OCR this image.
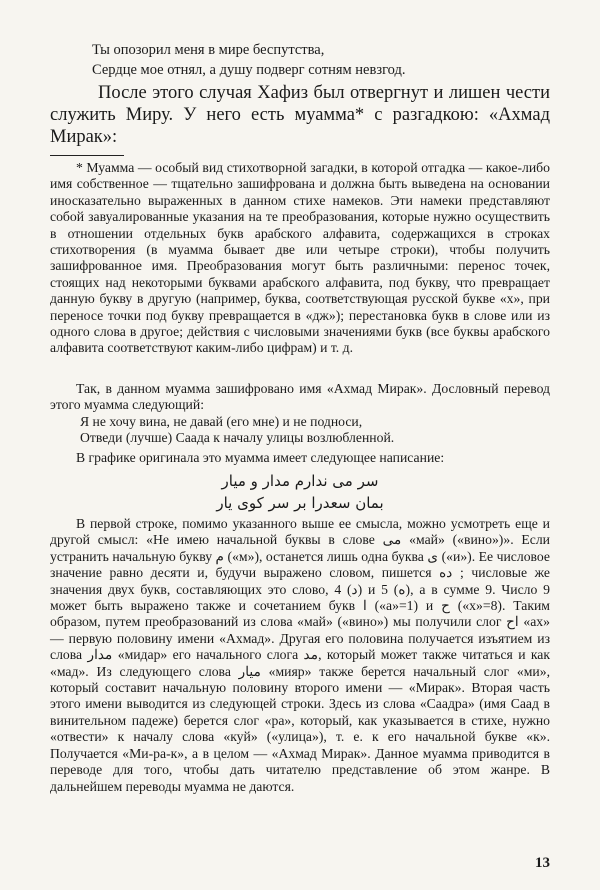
Ты опозорил меня в мире беспутства,
Сердце мое отнял, а душу подверг сотням невзгод.

После этого случая Хафиз был отвергнут и лишен чести служить Миру. У него есть муамма* с разгадкою: «Ахмад Мирак»:

* Муамма — особый вид стихотворной загадки, в которой отгадка — какое-либо имя собственное — тщательно зашифрована и должна быть выведена на основании иносказательно выраженных в данном стихе намеков. Эти намеки представляют собой завуалированные указания на те преобразования, которые нужно осуществить в отношении отдельных букв арабского алфавита, содержащихся в строках стихотворения (в муамма бывает две или четыре строки), чтобы получить зашифрованное имя. Преобразования могут быть различными: перенос точек, стоящих над некоторыми буквами арабского алфавита, под букву, что превращает данную букву в другую (например, буква, соответствующая русской букве «х», при переносе точки под букву превращается в «дж»); перестановка букв в слове или из одного слова в другое; действия с числовыми значениями букв (все буквы арабского алфавита соответствуют каким-либо цифрам) и т. д.

Так, в данном муамма зашифровано имя «Ахмад Мирак». Дословный перевод этого муамма следующий:

Я не хочу вина, не давай (его мне) и не подноси,
Отведи (лучше) Саада к началу улицы возлюбленной.

В графике оригинала это муамма имеет следующее написание:

سر می ندارم مدار و میار
بمان سعدرا بر سر کوی یار

В первой строке, помимо указанного выше ее смысла, можно усмотреть еще и другой смысл: «Не имею начальной буквы в слове ﻣﻰ «май» («вино»)». Если устранить начальную букву ﻡ («м»), останется лишь одна буква ﻯ («и»). Ее числовое значение равно десяти и, будучи выражено словом, пишется ده ; числовые же значения двух букв, составляющих это слово, 4 (د) и 5 (ه), а в сумме 9. Число 9 может быть выражено также и сочетанием букв ا («а»=1) и ﺡ («х»=8). Таким образом, путем преобразований из слова «май» («вино») мы получили слог اح «ах» — первую половину имени «Ахмад». Другая его половина получается изъятием из слова مدار «мидар» его начального слога مد, который может также читаться и как «мад». Из следующего слова میار «мияр» также берется начальный слог «ми», который составит начальную половину второго имени — «Мирак». Вторая часть этого имени выводится из следующей строки. Здесь из слова «Саадра» (имя Саад в винительном падеже) берется слог «ра», который, как указывается в стихе, нужно «отвести» к началу слова «куй» («улица»), т. е. к его начальной букве «к». Получается «Ми-ра-к», а в целом — «Ахмад Мирак». Данное муамма приводится в переводе для того, чтобы дать читателю представление об этом жанре. В дальнейшем переводы муамма не даются.

13
